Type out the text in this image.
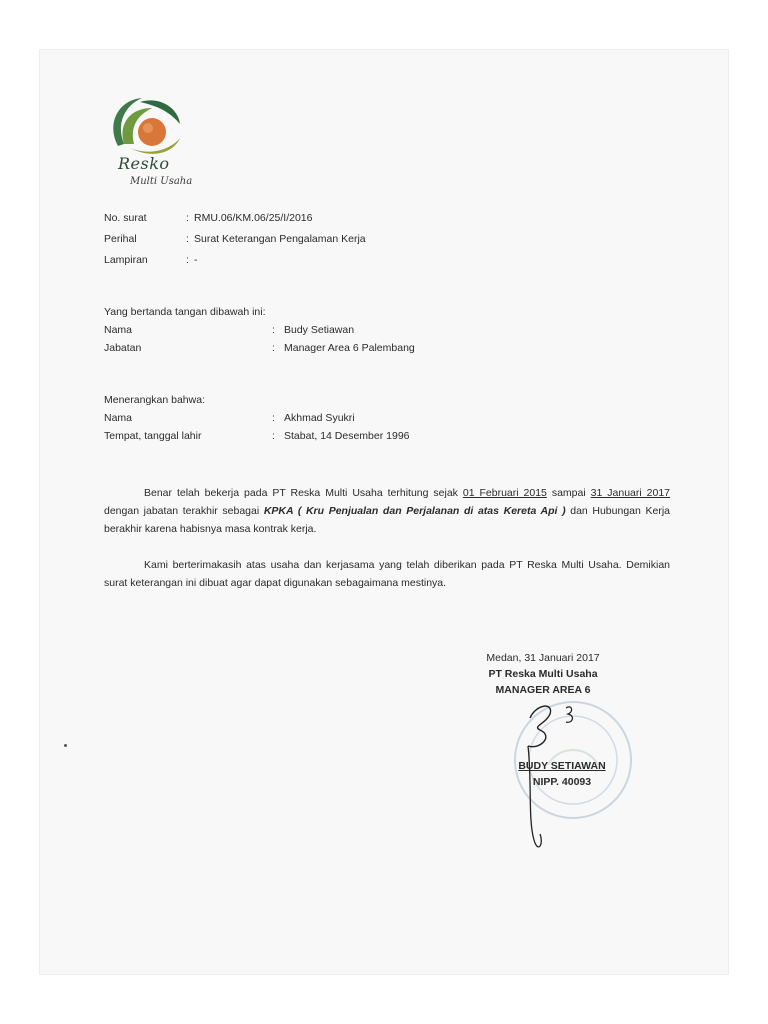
Resko
Multi Usaha
No. surat	: RMU.06/KM.06/25/I/2016
Perihal	: Surat Keterangan Pengalaman Kerja
Lampiran	: -
Yang bertanda tangan dibawah ini:
Nama	: Budy Setiawan
Jabatan	: Manager Area 6 Palembang
Menerangkan bahwa:
Nama	: Akhmad Syukri
Tempat, tanggal lahir	: Stabat, 14 Desember 1996
Benar telah bekerja pada PT Reska Multi Usaha terhitung sejak 01 Februari 2015 sampai 31 Januari 2017 dengan jabatan terakhir sebagai KPKA ( Kru Penjualan dan Perjalanan di atas Kereta Api ) dan Hubungan Kerja berakhir karena habisnya masa kontrak kerja.
Kami berterimakasih atas usaha dan kerjasama yang telah diberikan pada PT Reska Multi Usaha. Demikian surat keterangan ini dibuat agar dapat digunakan sebagaimana mestinya.
Medan, 31 Januari 2017
PT Reska Multi Usaha
MANAGER AREA 6
BUDY SETIAWAN
NIPP. 40093
